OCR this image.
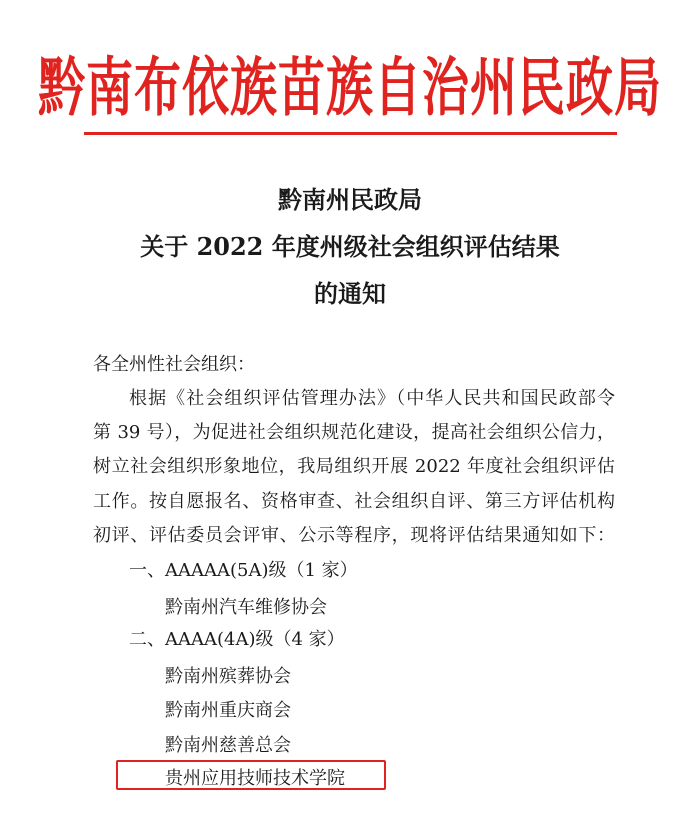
黔南布依族苗族自治州民政局
黔南州民政局
关于 2022 年度州级社会组织评估结果
的通知
各全州性社会组织：
根据《社会组织评估管理办法》（中华人民共和国民政部令
第 39 号），为促进社会组织规范化建设，提高社会组织公信力，
树立社会组织形象地位，我局组织开展 2022 年度社会组织评估
工作。按自愿报名、资格审查、社会组织自评、第三方评估机构
初评、评估委员会评审、公示等程序，现将评估结果通知如下：
一、AAAAA(5A)级（1 家）
黔南州汽车维修协会
二、AAAA(4A)级（4 家）
黔南州殡葬协会
黔南州重庆商会
黔南州慈善总会
贵州应用技师技术学院
